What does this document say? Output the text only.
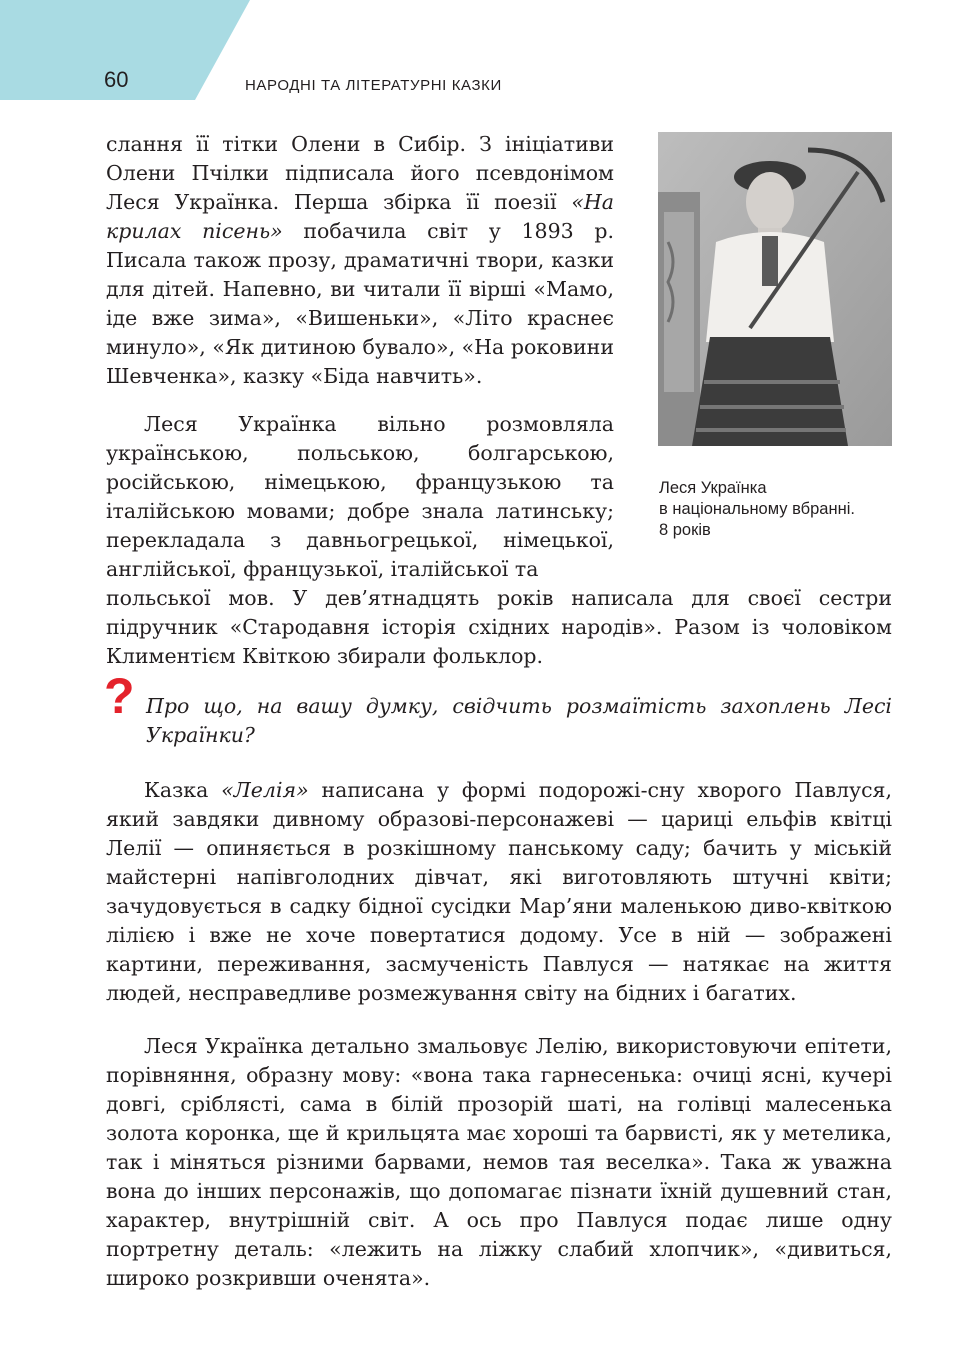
60	НАРОДНІ ТА ЛІТЕРАТУРНІ КАЗКИ

слання її тітки Олени в Сибір. З ініціативи Олени Пчілки підписала його псевдонімом Леся Українка. Перша збірка її поезії «На крилах пісень» побачила світ у 1893 р. Писала також прозу, драматичні твори, казки для дітей. Напевно, ви читали її вірші «Мамо, іде вже зима», «Вишеньки», «Літо краснеє минуло», «Як дитиною бувало», «На роковини Шевченка», казку «Біда навчить».

Леся Українка вільно розмовляла українською, польською, болгарською, російською, німецькою, французькою та італійською мовами; добре знала латинську; перекладала з давньогрецької, німецької, англійської, французької, італійської та

польської мов. У дев’ятнадцять років написала для своєї сестри підручник «Стародавня історія східних народів». Разом із чоловіком Климентієм Квіткою збирали фольклор.

Леся Українка
в національному вбранні.
8 років
? Про що, на вашу думку, свідчить розмаїтість захоплень Лесі Українки?

Казка «Лелія» написана у формі подорожі-сну хворого Павлуся, який завдяки дивному образові-персонажеві — цариці ельфів квітці Лелії — опиняється в розкішному панському саду; бачить у міській майстерні напівголодних дівчат, які виготовляють штучні квіти; зачудовується в садку бідної сусідки Мар’яни маленькою диво-квіткою лілією і вже не хоче повертатися додому. Усе в ній — зображені картини, переживання, засмученість Павлуся — натякає на життя людей, несправедливе розмежування світу на бідних і багатих.

Леся Українка детально змальовує Лелію, використовуючи епітети, порівняння, образну мову: «вона така гарнесенька: очиці ясні, кучері довгі, сріблясті, сама в білій прозорій шаті, на голівці малесенька золота коронка, ще й крильцята має хороші та барвисті, як у метелика, так і міняться різними барвами, немов тая веселка». Така ж уважна вона до інших персонажів, що допомагає пізнати їхній душевний стан, характер, внутрішній світ. А ось про Павлуся подає лише одну портретну деталь: «лежить на ліжку слабий хлопчик», «дивиться, широко розкривши оченята».
